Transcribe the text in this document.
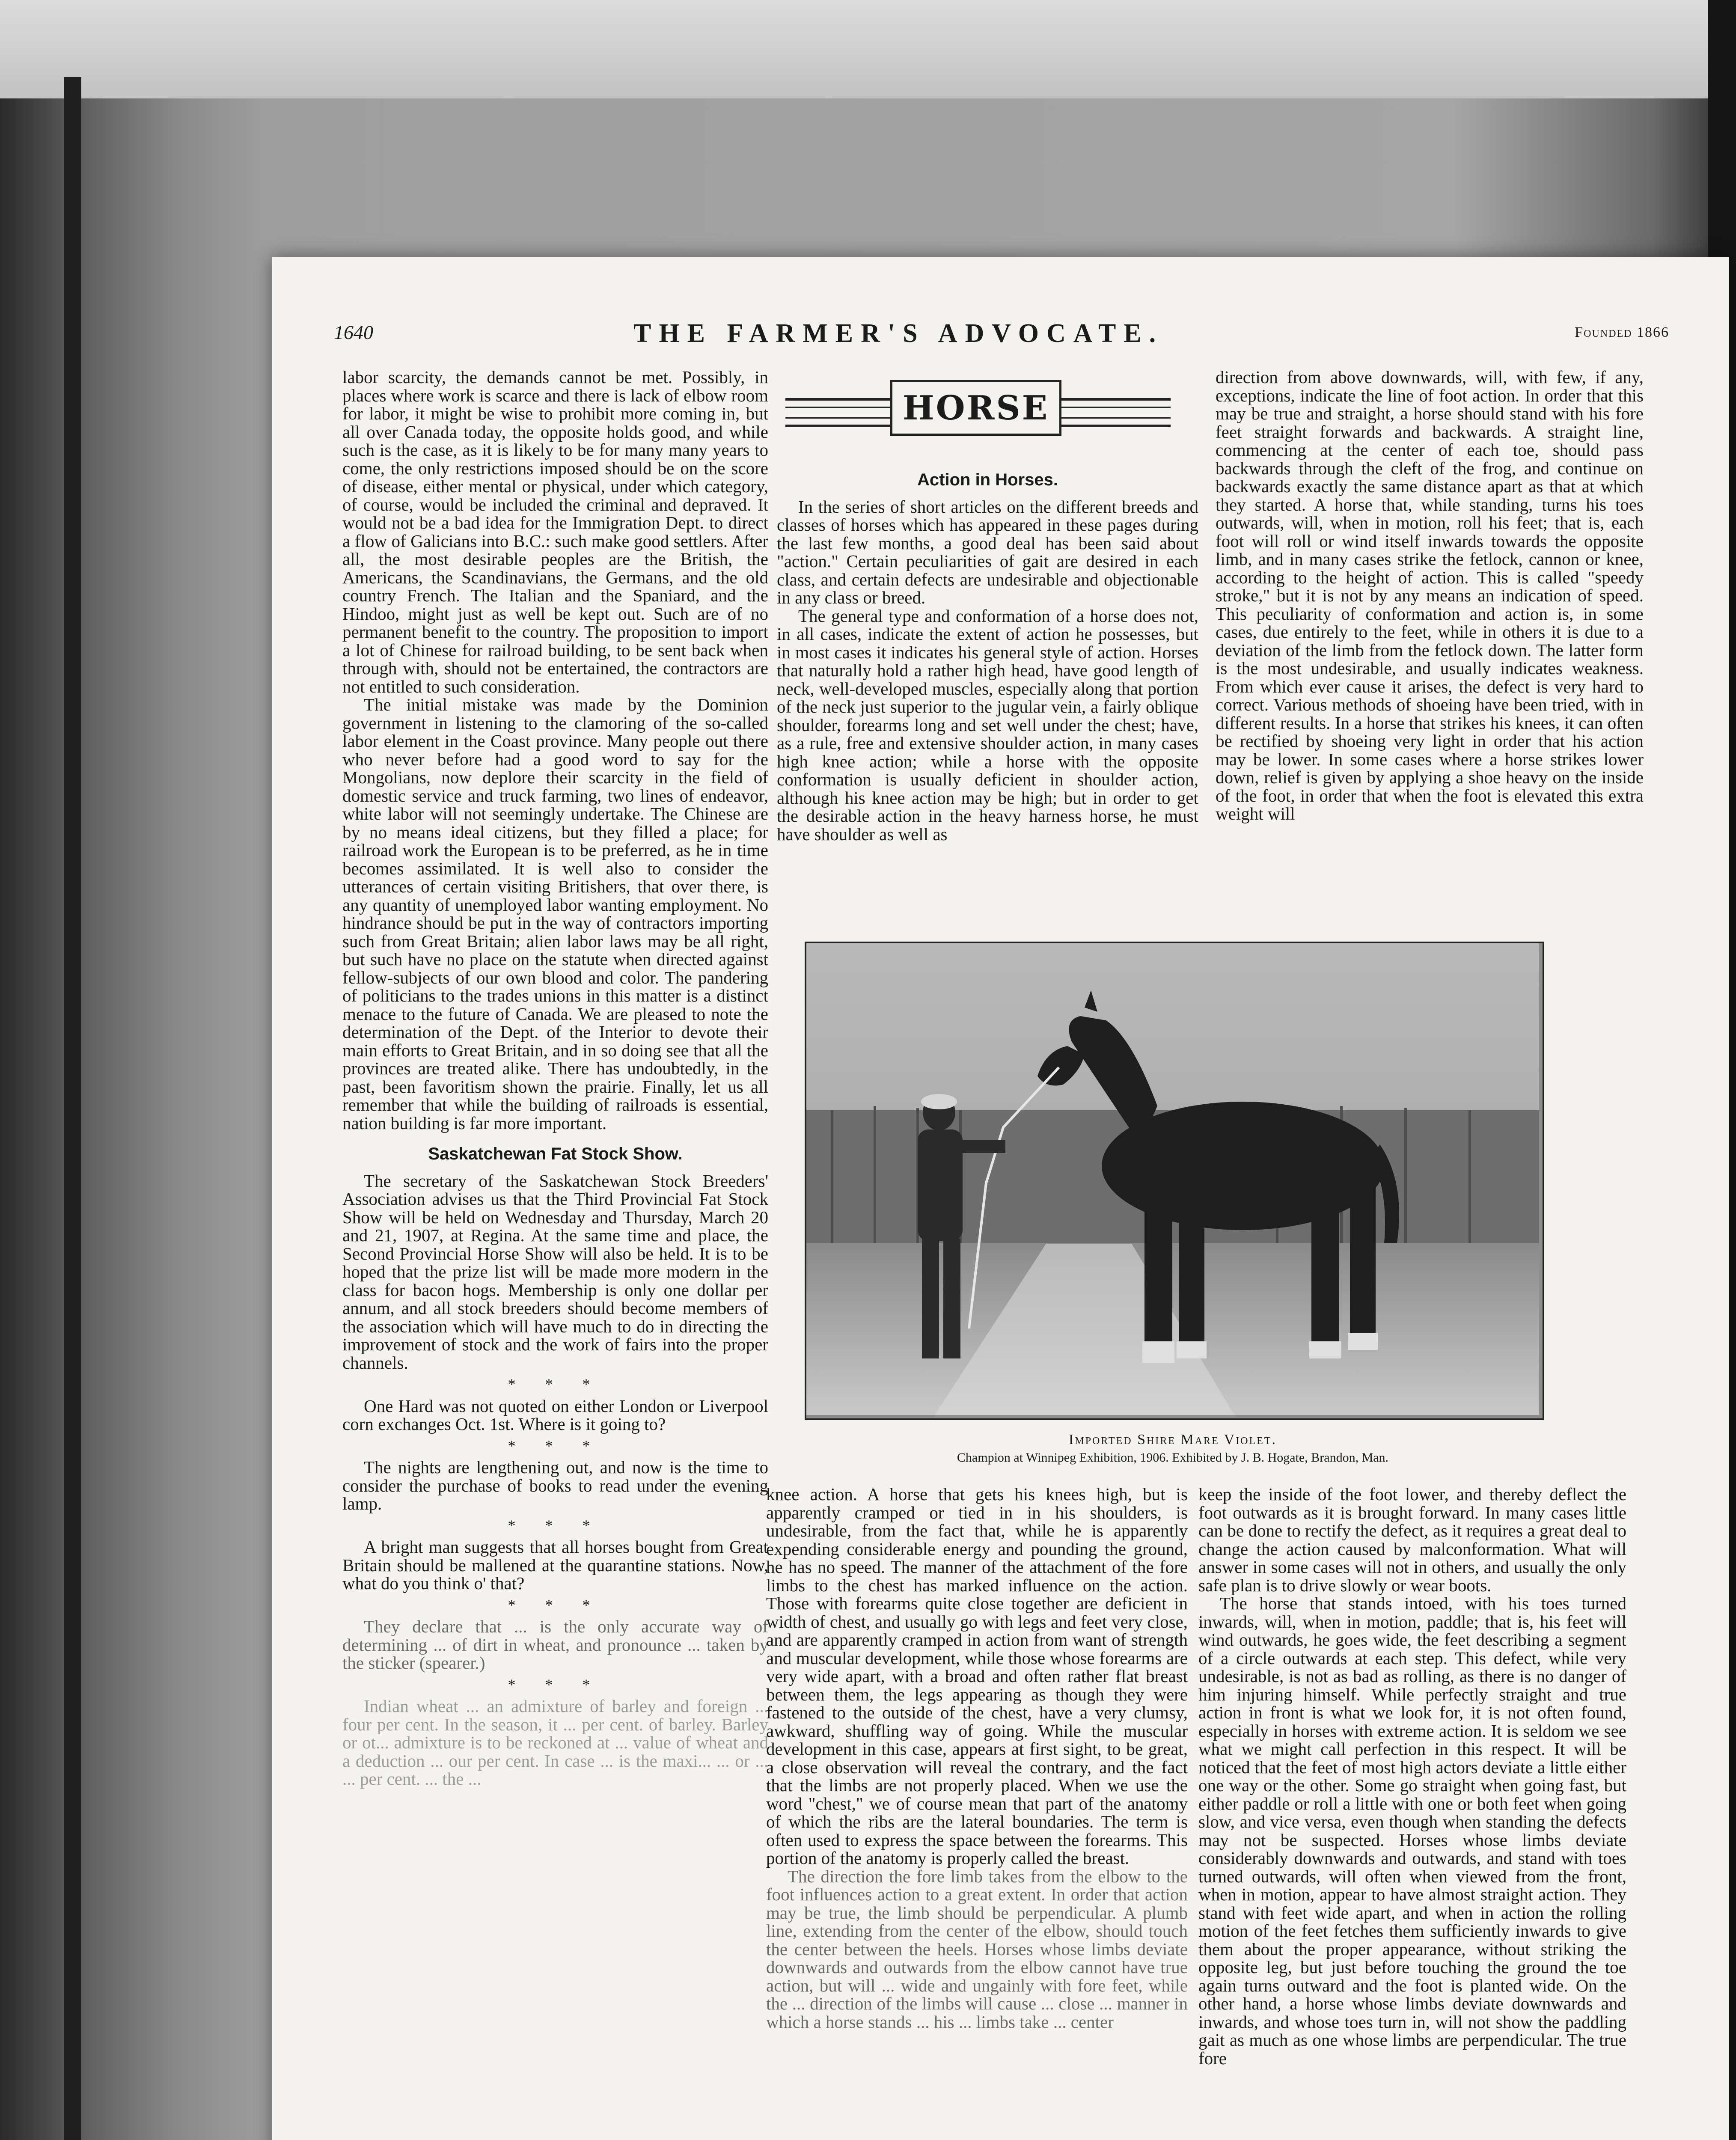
1640	THE FARMER'S ADVOCATE.	Founded 1866

labor scarcity, the demands cannot be met. Possibly, in places where work is scarce and there is lack of elbow room for labor, it might be wise to prohibit more coming in, but all over Canada today, the opposite holds good, and while such is the case, as it is likely to be for many many years to come, the only restrictions imposed should be on the score of disease, either mental or physical, under which category, of course, would be included the criminal and depraved. It would not be a bad idea for the Immigration Dept. to direct a flow of Galicians into B.C.: such make good settlers. After all, the most desirable peoples are the British, the Americans, the Scandinavians, the Germans, and the old country French. The Italian and the Spaniard, and the Hindoo, might just as well be kept out. Such are of no permanent benefit to the country. The proposition to import a lot of Chinese for railroad building, to be sent back when through with, should not be entertained, the contractors are not entitled to such consideration.

The initial mistake was made by the Dominion government in listening to the clamoring of the so-called labor element in the Coast province. Many people out there who never before had a good word to say for the Mongolians, now deplore their scarcity in the field of domestic service and truck farming, two lines of endeavor, white labor will not seemingly undertake. The Chinese are by no means ideal citizens, but they filled a place; for railroad work the European is to be preferred, as he in time becomes assimilated. It is well also to consider the utterances of certain visiting Britishers, that over there, is any quantity of unemployed labor wanting employment. No hindrance should be put in the way of contractors importing such from Great Britain; alien labor laws may be all right, but such have no place on the statute when directed against fellow-subjects of our own blood and color. The pandering of politicians to the trades unions in this matter is a distinct menace to the future of Canada. We are pleased to note the determination of the Dept. of the Interior to devote their main efforts to Great Britain, and in so doing see that all the provinces are treated alike. There has undoubtedly, in the past, been favoritism shown the prairie. Finally, let us all remember that while the building of railroads is essential, nation building is far more important.

Saskatchewan Fat Stock Show.

The secretary of the Saskatchewan Stock Breeders' Association advises us that the Third Provincial Fat Stock Show will be held on Wednesday and Thursday, March 20 and 21, 1907, at Regina. At the same time and place, the Second Provincial Horse Show will also be held. It is to be hoped that the prize list will be made more modern in the class for bacon hogs. Membership is only one dollar per annum, and all stock breeders should become members of the association which will have much to do in directing the improvement of stock and the work of fairs into the proper channels.

* * *

One Hard was not quoted on either London or Liverpool corn exchanges Oct. 1st. Where is it going to?

* * *

The nights are lengthening out, and now is the time to consider the purchase of books to read under the evening lamp.

* * *

A bright man suggests that all horses bought from Great Britain should be mallened at the quarantine stations. Now, what do you think o' that?

* * *

They declare that ... is the only accurate way of determining ... of dirt in wheat, and pronounce ... taken by the sticker (spearer.)

* * *

Indian wheat ... an admixture of barley and foreign ... four per cent. In the season, it ... per cent. of barley. Barley or ot... admixture is to be reckoned at ... value of wheat and a deduction ... our per cent. In case ... is the maxi... ... or ... ... per cent. ... the ...

HORSE
Action in Horses.

In the series of short articles on the different breeds and classes of horses which has appeared in these pages during the last few months, a good deal has been said about "action." Certain peculiarities of gait are desired in each class, and certain defects are undesirable and objectionable in any class or breed.

The general type and conformation of a horse does not, in all cases, indicate the extent of action he possesses, but in most cases it indicates his general style of action. Horses that naturally hold a rather high head, have good length of neck, well-developed muscles, especially along that portion of the neck just superior to the jugular vein, a fairly oblique shoulder, forearms long and set well under the chest; have, as a rule, free and extensive shoulder action, in many cases high knee action; while a horse with the opposite conformation is usually deficient in shoulder action, although his knee action may be high; but in order to get the desirable action in the heavy harness horse, he must have shoulder as well as

direction from above downwards, will, with few, if any, exceptions, indicate the line of foot action. In order that this may be true and straight, a horse should stand with his fore feet straight forwards and backwards. A straight line, commencing at the center of each toe, should pass backwards through the cleft of the frog, and continue on backwards exactly the same distance apart as that at which they started. A horse that, while standing, turns his toes outwards, will, when in motion, roll his feet; that is, each foot will roll or wind itself inwards towards the opposite limb, and in many cases strike the fetlock, cannon or knee, according to the height of action. This is called "speedy stroke," but it is not by any means an indication of speed. This peculiarity of conformation and action is, in some cases, due entirely to the feet, while in others it is due to a deviation of the limb from the fetlock down. The latter form is the most undesirable, and usually indicates weakness. From which ever cause it arises, the defect is very hard to correct. Various methods of shoeing have been tried, with in different results. In a horse that strikes his knees, it can often be rectified by shoeing very light in order that his action may be lower. In some cases where a horse strikes lower down, relief is given by applying a shoe heavy on the inside of the foot, in order that when the foot is elevated this extra weight will

Imported Shire Mare Violet.
Champion at Winnipeg Exhibition, 1906. Exhibited by J. B. Hogate, Brandon, Man.

knee action. A horse that gets his knees high, but is apparently cramped or tied in in his shoulders, is undesirable, from the fact that, while he is apparently expending considerable energy and pounding the ground, he has no speed. The manner of the attachment of the fore limbs to the chest has marked influence on the action. Those with forearms quite close together are deficient in width of chest, and usually go with legs and feet very close, and are apparently cramped in action from want of strength and muscular development, while those whose forearms are very wide apart, with a broad and often rather flat breast between them, the legs appearing as though they were fastened to the outside of the chest, have a very clumsy, awkward, shuffling way of going. While the muscular development in this case, appears at first sight, to be great, a close observation will reveal the contrary, and the fact that the limbs are not properly placed. When we use the word "chest," we of course mean that part of the anatomy of which the ribs are the lateral boundaries. The term is often used to express the space between the forearms. This portion of the anatomy is properly called the breast.

The direction the fore limb takes from the elbow to the foot influences action to a great extent. In order that action may be true, the limb should be perpendicular. A plumb line, extending from the center of the elbow, should touch the center between the heels. Horses whose limbs deviate downwards and outwards from the elbow cannot have true action, but will ... wide and ungainly with fore feet, while the ... direction of the limbs will cause ... close ... manner in which a horse stands ... his ... limbs take ... center

keep the inside of the foot lower, and thereby deflect the foot outwards as it is brought forward. In many cases little can be done to rectify the defect, as it requires a great deal to change the action caused by malconformation. What will answer in some cases will not in others, and usually the only safe plan is to drive slowly or wear boots.

The horse that stands intoed, with his toes turned inwards, will, when in motion, paddle; that is, his feet will wind outwards, he goes wide, the feet describing a segment of a circle outwards at each step. This defect, while very undesirable, is not as bad as rolling, as there is no danger of him injuring himself. While perfectly straight and true action in front is what we look for, it is not often found, especially in horses with extreme action. It is seldom we see what we might call perfection in this respect. It will be noticed that the feet of most high actors deviate a little either one way or the other. Some go straight when going fast, but either paddle or roll a little with one or both feet when going slow, and vice versa, even though when standing the defects may not be suspected. Horses whose limbs deviate considerably downwards and outwards, and stand with toes turned outwards, will often when viewed from the front, when in motion, appear to have almost straight action. They stand with feet wide apart, and when in action the rolling motion of the feet fetches them sufficiently inwards to give them about the proper appearance, without striking the opposite leg, but just before touching the ground the toe again turns outward and the foot is planted wide. On the other hand, a horse whose limbs deviate downwards and inwards, and whose toes turn in, will not show the paddling gait as much as one whose limbs are perpendicular. The true fore
